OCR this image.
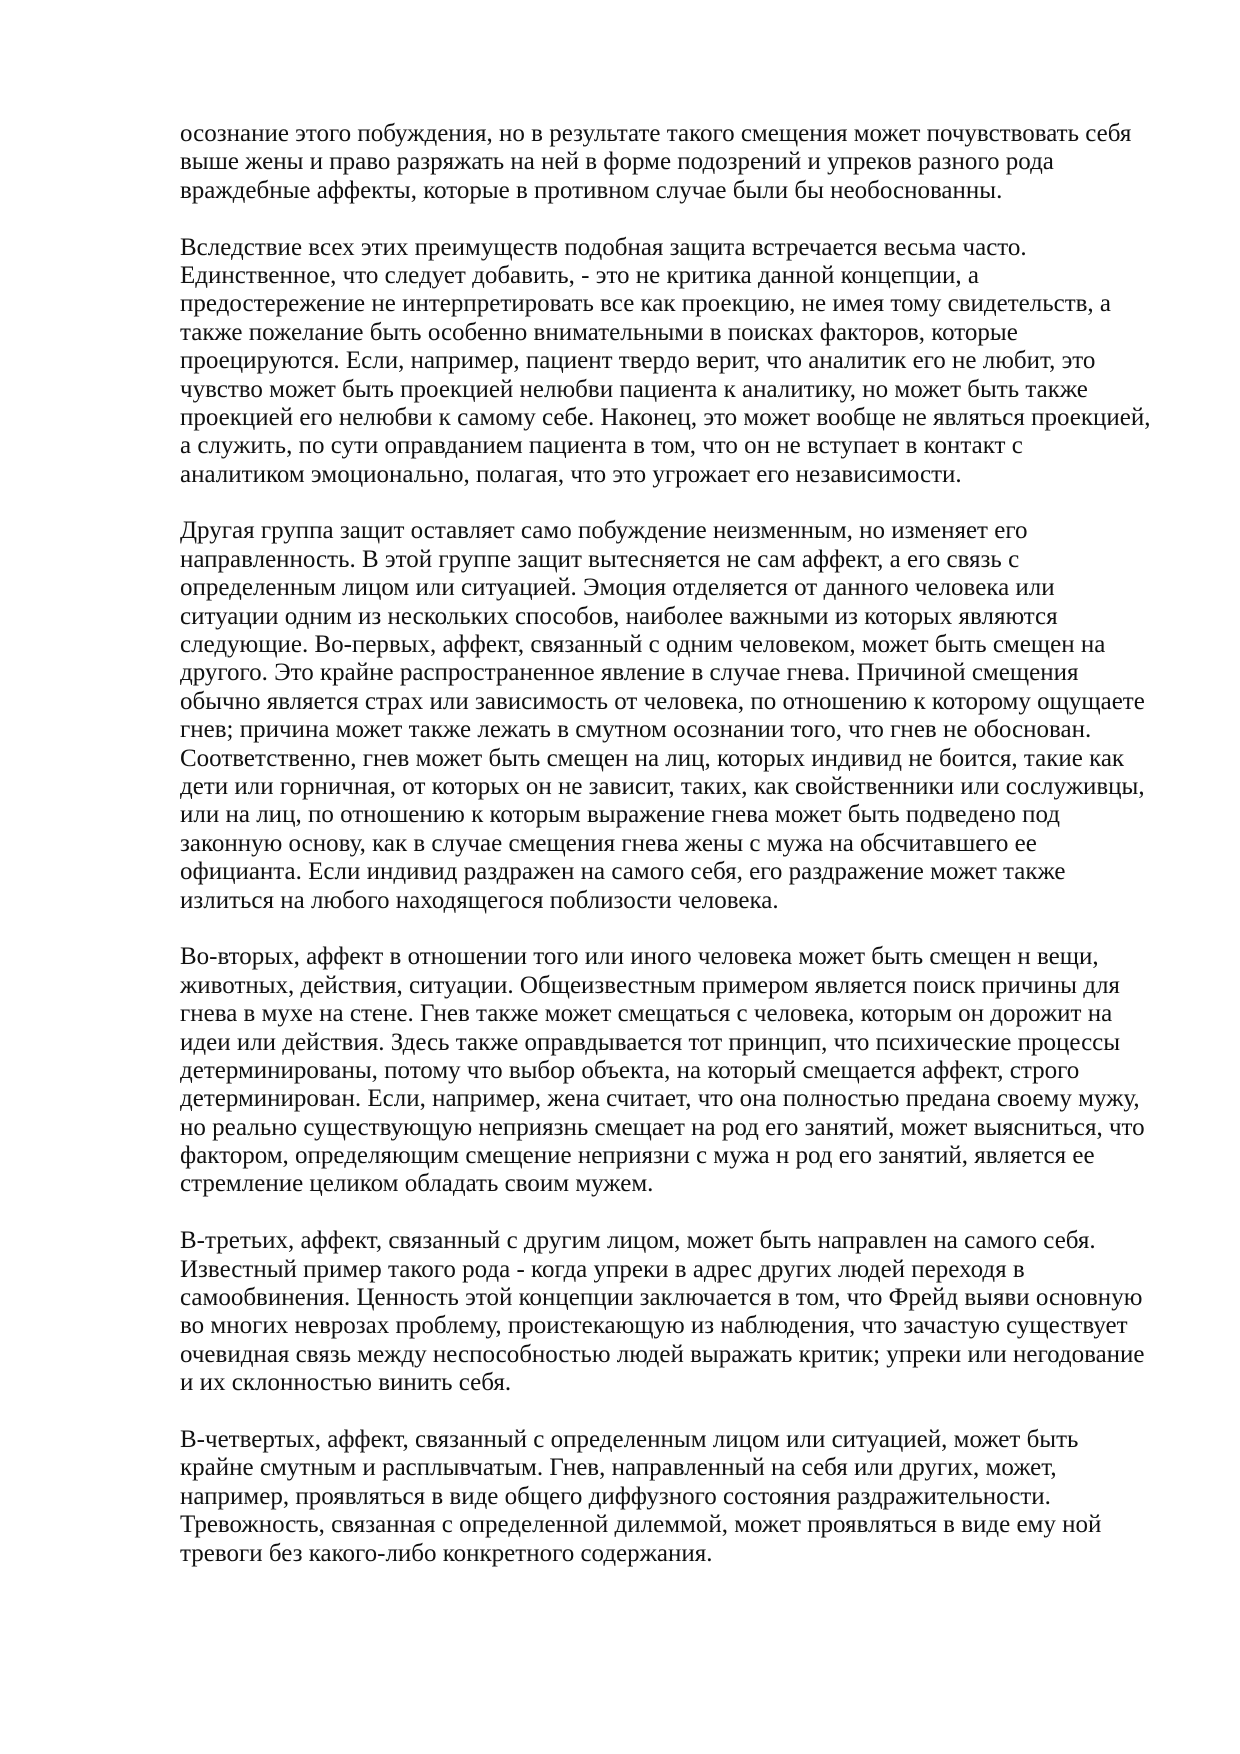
осознание этого побуждения, но в результате такого смещения может почувствовать себя
выше жены и право разряжать на ней в форме подозрений и упреков разного рода
враждебные аффекты, которые в противном случае были бы необоснованны.
Вследствие всех этих преимуществ подобная защита встречается весьма часто.
Единственное, что следует добавить, - это не критика данной концепции, а
предостережение не интерпретировать все как проекцию, не имея тому свидетельств, а
также пожелание быть особенно внимательными в поисках факторов, которые
проецируются. Если, например, пациент твердо верит, что аналитик его не любит, это
чувство может быть проекцией нелюбви пациента к аналитику, но может быть также
проекцией его нелюбви к самому себе. Наконец, это может вообще не являться проекцией,
а служить, по сути оправданием пациента в том, что он не вступает в контакт с
аналитиком эмоционально, полагая, что это угрожает его независимости.
Другая группа защит оставляет само побуждение неизменным, но изменяет его
направленность. В этой группе защит вытесняется не сам аффект, а его связь с
определенным лицом или ситуацией. Эмоция отделяется от данного человека или
ситуации одним из нескольких способов, наиболее важными из которых являются
следующие. Во-первых, аффект, связанный с одним человеком, может быть смещен на
другого. Это крайне распространенное явление в случае гнева. Причиной смещения
обычно является страх или зависимость от человека, по отношению к которому ощущаете
гнев; причина может также лежать в смутном осознании того, что гнев не обоснован.
Соответственно, гнев может быть смещен на лиц, которых индивид не боится, такие как
дети или горничная, от которых он не зависит, таких, как свойственники или сослуживцы,
или на лиц, по отношению к которым выражение гнева может быть подведено под
законную основу, как в случае смещения гнева жены с мужа на обсчитавшего ее
официанта. Если индивид раздражен на самого себя, его раздражение может также
излиться на любого находящегося поблизости человека.
Во-вторых, аффект в отношении того или иного человека может быть смещен н вещи,
животных, действия, ситуации. Общеизвестным примером является поиск причины для
гнева в мухе на стене. Гнев также может смещаться с человека, которым он дорожит на
идеи или действия. Здесь также оправдывается тот принцип, что психические процессы
детерминированы, потому что выбор объекта, на который смещается аффект, строго
детерминирован. Если, например, жена считает, что она полностью предана своему мужу,
но реально существующую неприязнь смещает на род его занятий, может выясниться, что
фактором, определяющим смещение неприязни с мужа н род его занятий, является ее
стремление целиком обладать своим мужем.
В-третьих, аффект, связанный с другим лицом, может быть направлен на самого себя.
Известный пример такого рода - когда упреки в адрес других людей переходя в
самообвинения. Ценность этой концепции заключается в том, что Фрейд выяви основную
во многих неврозах проблему, проистекающую из наблюдения, что зачастую существует
очевидная связь между неспособностью людей выражать критик; упреки или негодование
и их склонностью винить себя.
В-четвертых, аффект, связанный с определенным лицом или ситуацией, может быть
крайне смутным и расплывчатым. Гнев, направленный на себя или других, может,
например, проявляться в виде общего диффузного состояния раздражительности.
Тревожность, связанная с определенной дилеммой, может проявляться в виде ему ной
тревоги без какого-либо конкретного содержания.
